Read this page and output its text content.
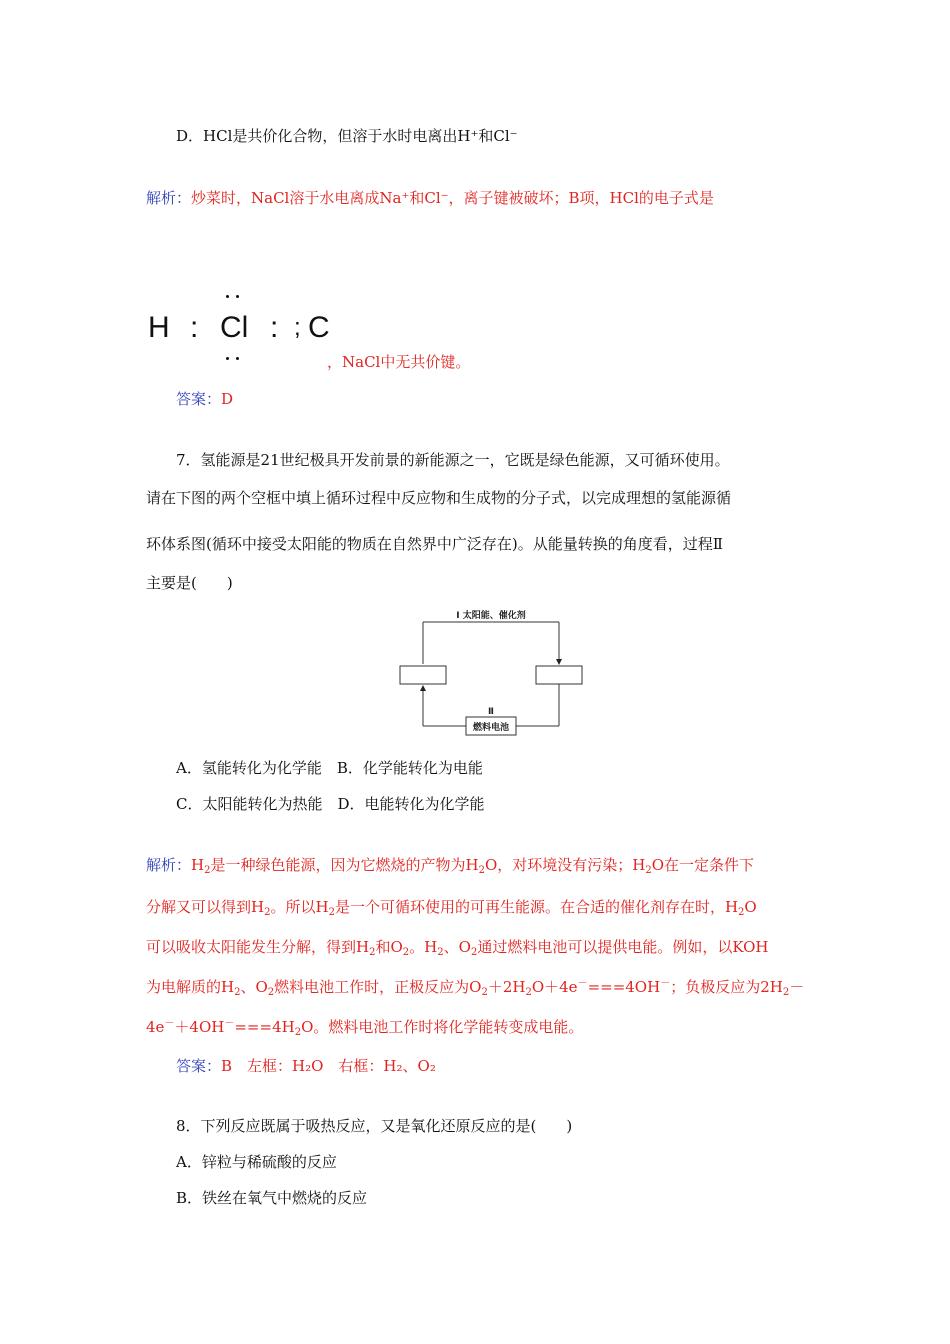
D．HCl是共价化合物，但溶于水时电离出H⁺和Cl⁻
解析：炒菜时，NaCl溶于水电离成Na⁺和Cl⁻，离子键被破坏；B项，HCl的电子式是
H : Cl : ; C
，NaCl中无共价键。
答案：D
7．氢能源是21世纪极具开发前景的新能源之一，它既是绿色能源，又可循环使用。
请在下图的两个空框中填上循环过程中反应物和生成物的分子式，以完成理想的氢能源循
环体系图(循环中接受太阳能的物质在自然界中广泛存在)。从能量转换的角度看，过程Ⅱ
主要是(　　)
Ⅰ 太阳能、催化剂
Ⅱ
燃料电池
A．氢能转化为化学能　 B．化学能转化为电能
C．太阳能转化为热能　 D．电能转化为化学能
解析：$H_2$是一种绿色能源，因为它燃烧的产物为$H_2O$，对环境没有污染；$H_2O$在一定条件下
分解又可以得到$H_2$。所以$H_2$是一个可循环使用的可再生能源。在合适的催化剂存在时，$H_2O$
可以吸收太阳能发生分解，得到$H_2$和$O_2$。$H_2$、$O_2$通过燃料电池可以提供电能。例如，以KOH
为电解质的$H_2$、$O_2$燃料电池工作时，正极反应为$O_2+2H_2O+4e^-===4OH^-$；负极反应为$2H_2-$
$4e^-+4OH^-===4H_2O$。燃料电池工作时将化学能转变成电能。
答案：B　左框：H₂O　右框：H₂、O₂
8．下列反应既属于吸热反应，又是氧化还原反应的是(　　)
A．锌粒与稀硫酸的反应
B．铁丝在氧气中燃烧的反应
